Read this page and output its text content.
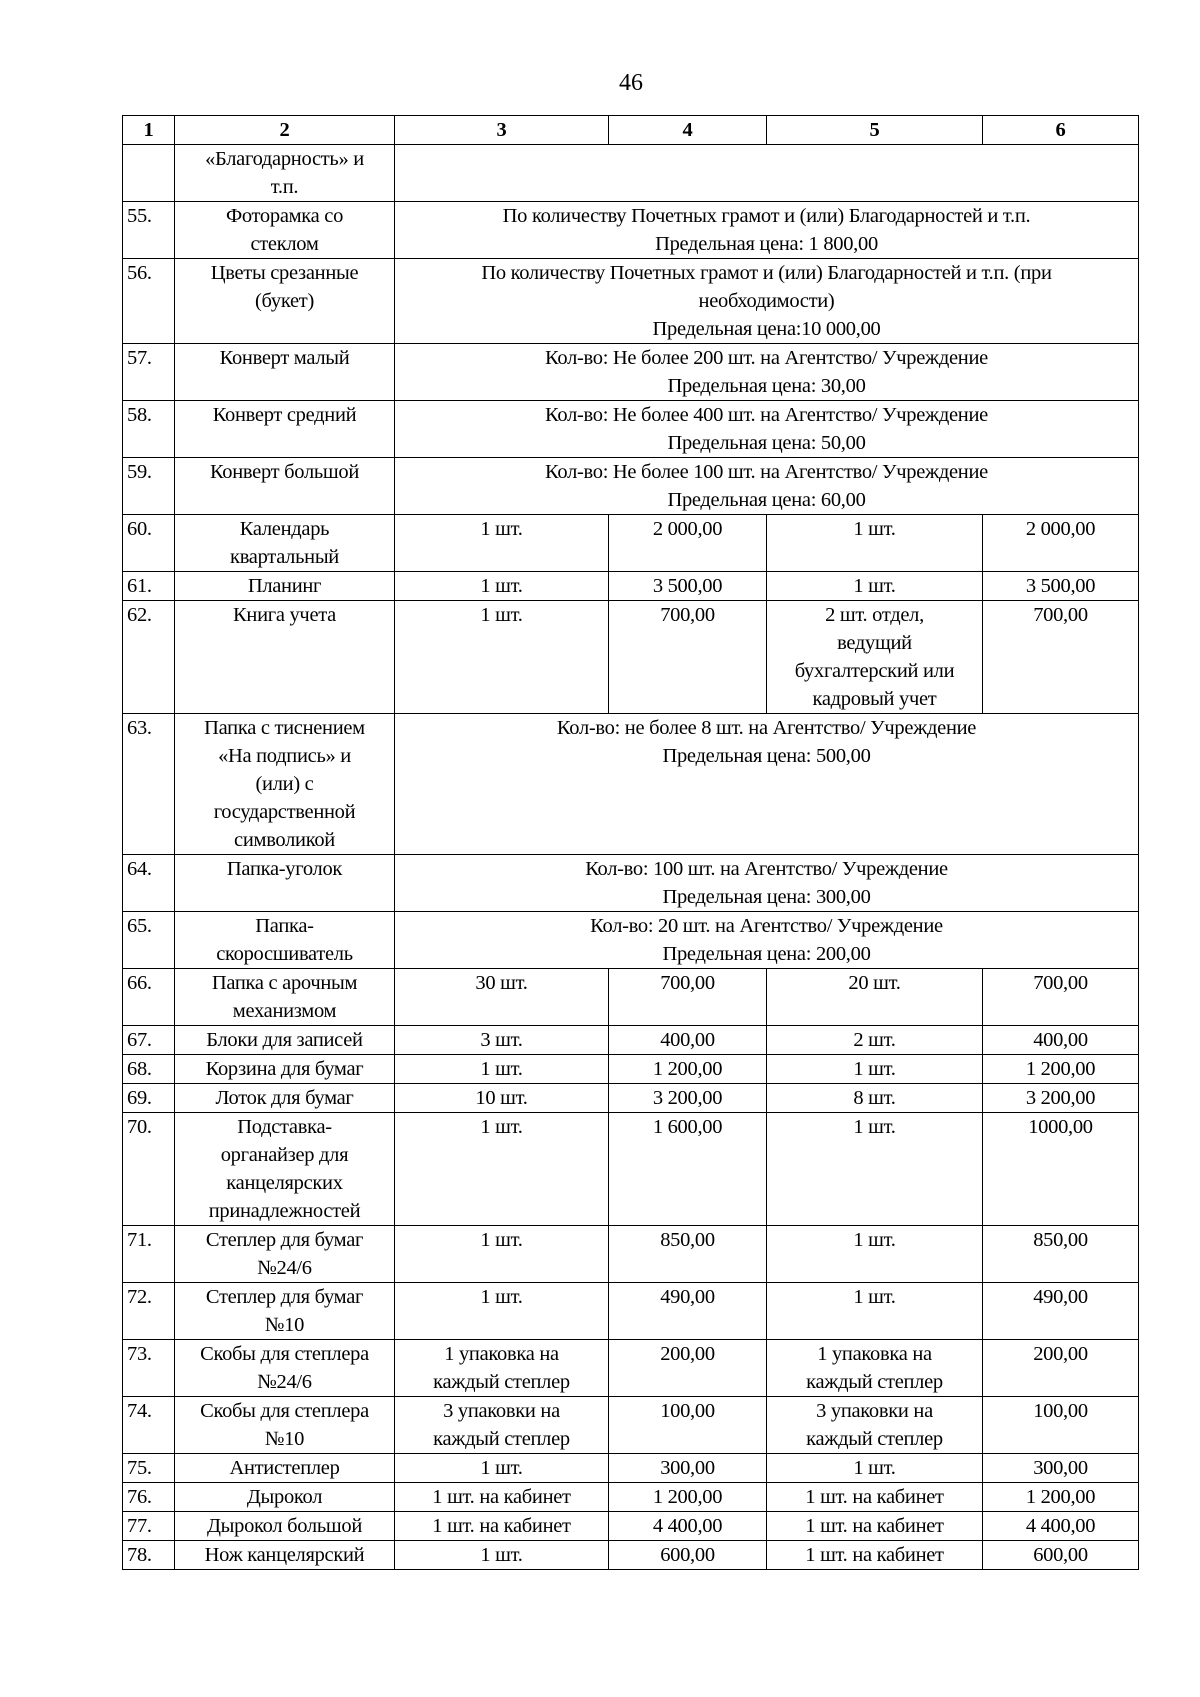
46
1	2	3	4	5	6
	«Благодарность» и
т.п.				
55.	Фоторамка со
стеклом	По количеству Почетных грамот и (или) Благодарностей и т.п.
Предельная цена: 1 800,00			
56.	Цветы срезанные
(букет)	По количеству Почетных грамот и (или) Благодарностей и т.п. (при
необходимости)
Предельная цена:10 000,00			
57.	Конверт малый	Кол-во: Не более 200 шт. на Агентство/ Учреждение
Предельная цена: 30,00			
58.	Конверт средний	Кол-во: Не более 400 шт. на Агентство/ Учреждение
Предельная цена: 50,00			
59.	Конверт большой	Кол-во: Не более 100 шт. на Агентство/ Учреждение
Предельная цена: 60,00			
60.	Календарь
квартальный	1 шт.	2 000,00	1 шт.	2 000,00
61.	Планинг	1 шт.	3 500,00	1 шт.	3 500,00
62.	Книга учета	1 шт.	700,00	2 шт. отдел,
ведущий
бухгалтерский или
кадровый учет	700,00
63.	Папка с тиснением
«На подпись» и
(или) с
государственной
символикой	Кол-во: не более 8 шт. на Агентство/ Учреждение
Предельная цена: 500,00			
64.	Папка-уголок	Кол-во: 100 шт. на Агентство/ Учреждение
Предельная цена: 300,00			
65.	Папка-
скоросшиватель	Кол-во: 20 шт. на Агентство/ Учреждение
Предельная цена: 200,00			
66.	Папка с арочным
механизмом	30 шт.	700,00	20 шт.	700,00
67.	Блоки для записей	3 шт.	400,00	2 шт.	400,00
68.	Корзина для бумаг	1 шт.	1 200,00	1 шт.	1 200,00
69.	Лоток для бумаг	10 шт.	3 200,00	8 шт.	3 200,00
70.	Подставка-
органайзер для
канцелярских
принадлежностей	1 шт.	1 600,00	1 шт.	1000,00
71.	Степлер для бумаг
№24/6	1 шт.	850,00	1 шт.	850,00
72.	Степлер для бумаг
№10	1 шт.	490,00	1 шт.	490,00
73.	Скобы для степлера
№24/6	1 упаковка на
каждый степлер	200,00	1 упаковка на
каждый степлер	200,00
74.	Скобы для степлера
№10	3 упаковки на
каждый степлер	100,00	3 упаковки на
каждый степлер	100,00
75.	Антистеплер	1 шт.	300,00	1 шт.	300,00
76.	Дырокол	1 шт. на кабинет	1 200,00	1 шт. на кабинет	1 200,00
77.	Дырокол большой	1 шт. на кабинет	4 400,00	1 шт. на кабинет	4 400,00
78.	Нож канцелярский	1 шт.	600,00	1 шт. на кабинет	600,00
